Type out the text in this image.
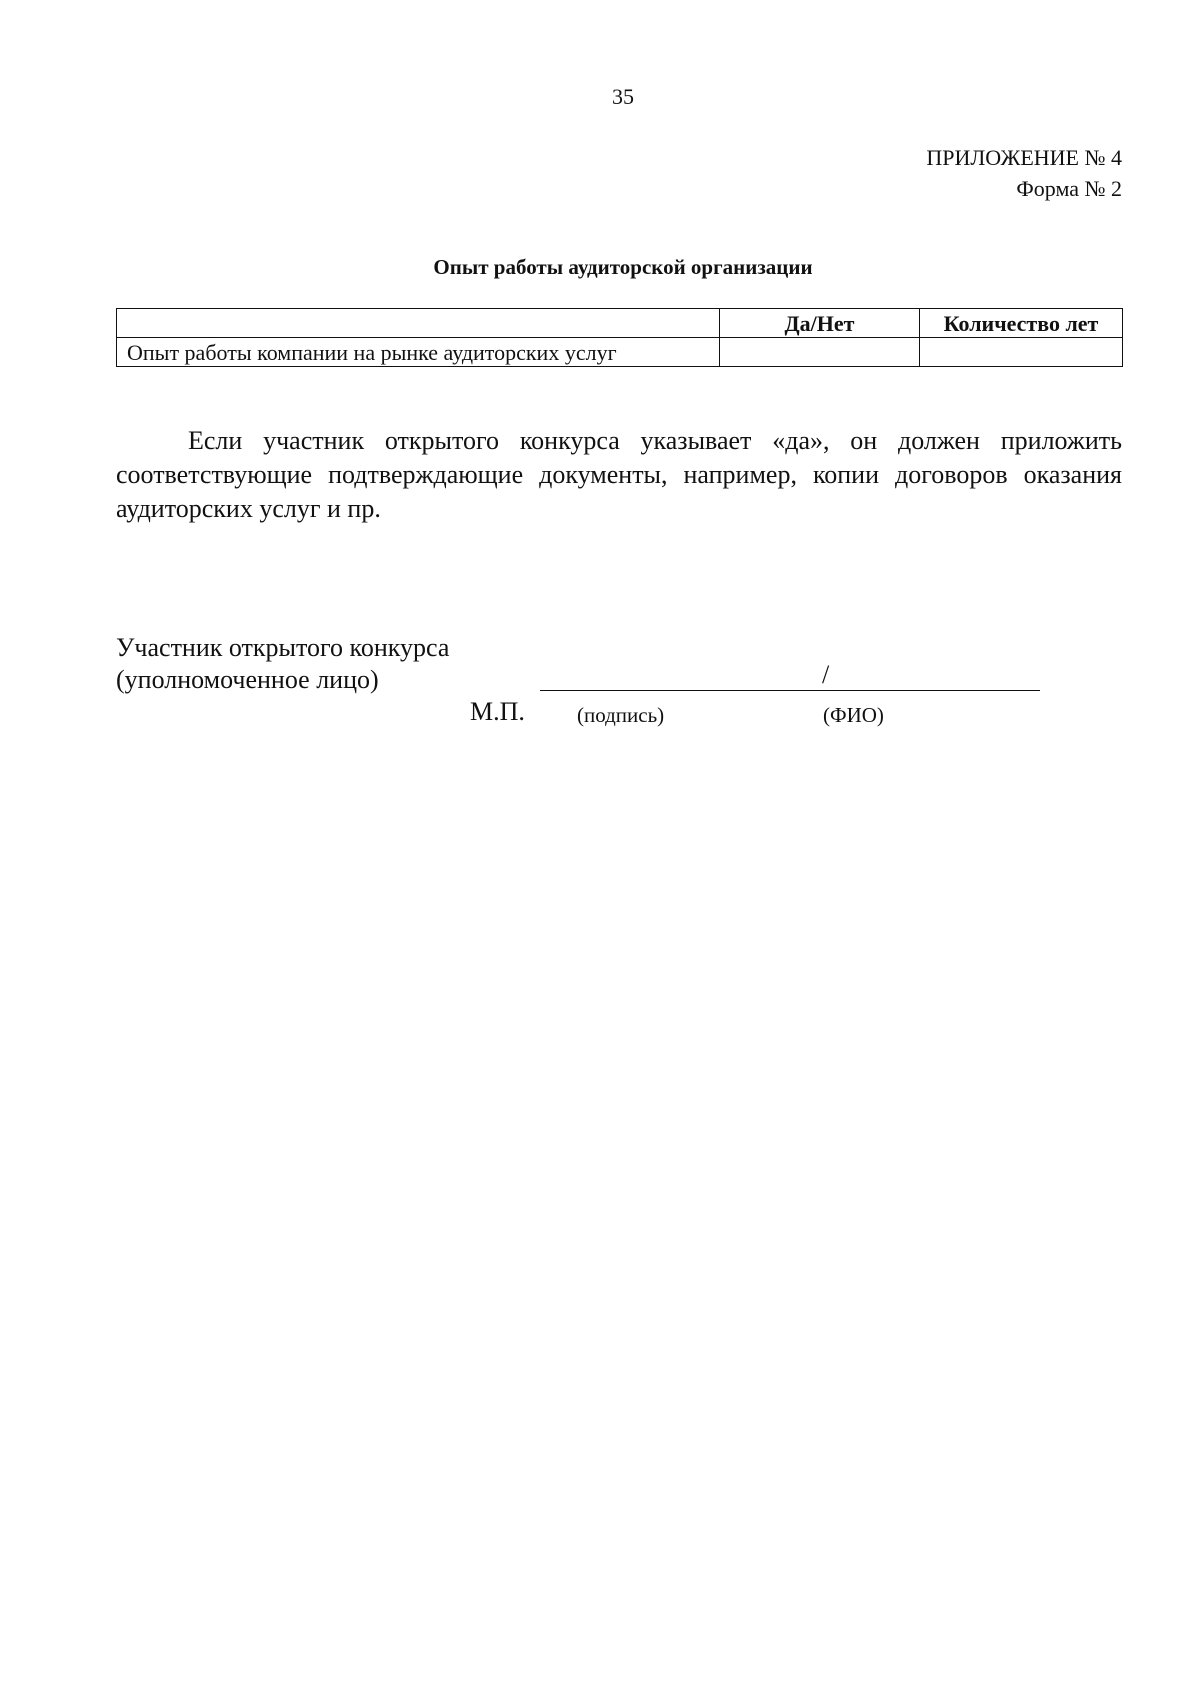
35
ПРИЛОЖЕНИЕ № 4
Форма № 2
Опыт работы аудиторской организации
	Да/Нет	Количество лет
Опыт работы компании на рынке аудиторских услуг		

Если участник открытого конкурса указывает «да», он должен приложить соответствующие подтверждающие документы, например, копии договоров оказания аудиторских услуг и пр.

Участник открытого конкурса
(уполномоченное лицо)	/
М.П. (подпись)	(ФИО)
